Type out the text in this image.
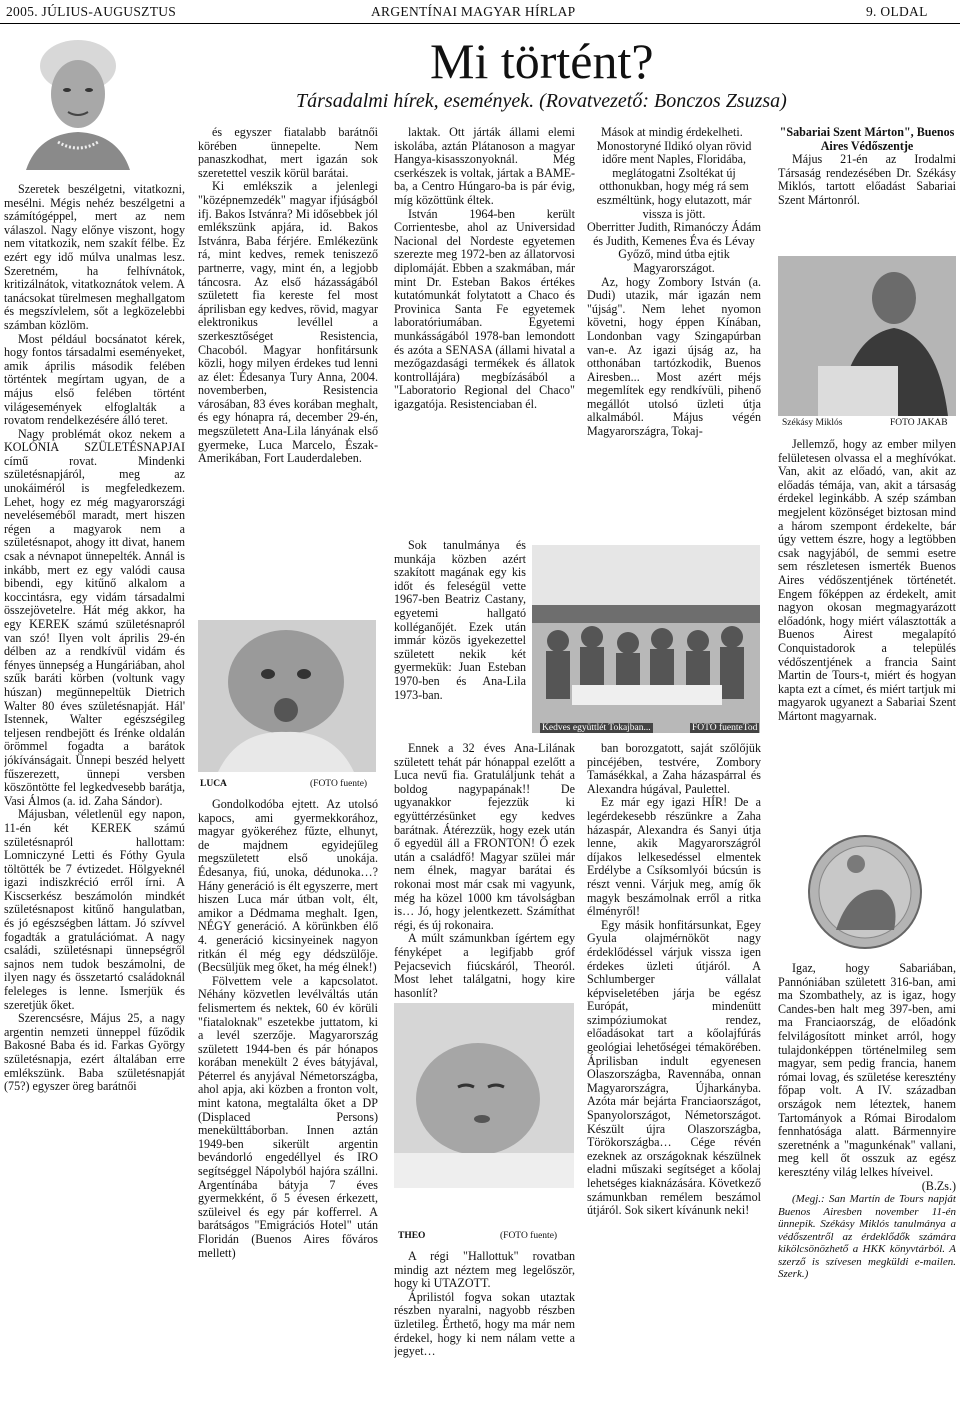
2005. JÚLIUS-AUGUSZTUS	ARGENTÍNAI MAGYAR HÍRLAP	9. OLDAL
Mi történt?
Társadalmi hírek, események. (Rovatvezető: Bonczos Zsuzsa)

Szeretek beszélgetni, vitatkozni, mesélni. Mégis nehéz beszélgetni a számítógéppel, mert az nem válaszol. Nagy előnye viszont, hogy nem vitatkozik, nem szakít félbe. Ez ezért egy idő múlva unalmas lesz. Szeretném, ha felhívnátok, kritizálnátok, vitatkoznátok velem. A tanácsokat türelmesen meghallgatom és megszívlelem, sőt a legközelebbi számban közlöm.

Most például bocsánatot kérek, hogy fontos társadalmi eseményeket, amik április második felében történtek megírtam ugyan, de a május első felében történt világesemények elfoglalták a rovatom rendelkezésére álló teret.

Nagy problémát okoz nekem a KOLÓNIA SZÜLETÉSNAPJAI című rovat. Mindenki születésnapjáról, meg az unokáiméról is megfeledkezem. Lehet, hogy ez még magyarországi neveléseméből maradt, mert hiszen régen a magyarok nem a születésnapot, ahogy itt divat, hanem csak a névnapot ünnepelték. Annál is inkább, mert ez egy valódi causa bibendi, egy kitűnő alkalom a koccintásra, egy vidám társadalmi összejövetelre. Hát még akkor, ha egy KEREK számú születésnapról van szó! Ilyen volt április 29-én délben az a rendkívül vidám és fényes ünnepség a Hungáriában, ahol szűk baráti körben (voltunk vagy húszan) megünnepeltük Dietrich Walter 80 éves születésnapját. Hál' Istennek, Walter egészségileg teljesen rendbejött és Irénke oldalán örömmel fogadta a barátok jókívánságait. Ünnepi beszéd helyett fűszerezett, ünnepi versben köszöntötte fel legkedvesebb barátja, Vasi Álmos (a. id. Zaha Sándor).

Májusban, véletlenül egy napon, 11-én két KEREK számú születésnapról hallottam: Lomniczyné Letti és Fóthy Gyula töltötték be 7 évtizedet. Hölgyeknél igazi indiszkréció erről írni. A Kiscserkész beszámolón mindkét születésnapost kitűnő hangulatban, és jó egészségben láttam. Jó szívvel fogadták a gratulációmat. A nagy családi, születésnapi ünnepségről sajnos nem tudok beszámolni, de ilyen nagy és összetartó családoknál feleleges is lenne. Ismerjük és szeretjük őket.

Szerencsésre, Május 25, a nagy argentin nemzeti ünneppel fűződik Bakosné Baba és id. Farkas György születésnapja, ezért általában erre emlékszünk. Baba születésnapját (75?) egyszer öreg barátnői

és egyszer fiatalabb barátnői körében ünnepelte. Nem panaszkodhat, mert igazán sok szeretettel veszik körül barátai.

Ki emlékszik a jelenlegi "középnemzedék" magyar ifjúságból ifj. Bakos Istvánra? Mi idősebbek jól emlékszünk apjára, id. Bakos Istvánra, Baba férjére. Emlékezünk rá, mint kedves, remek teniszező partnerre, vagy, mint én, a legjobb táncosra. Az első házasságából született fia kereste fel most áprilisban egy kedves, rövid, magyar elektronikus levéllel a szerkesztőséget Resistencia, Chacoból. Magyar honfitársunk közli, hogy milyen érdekes tud lenni az élet: Édesanya Tury Anna, 2004. novemberben, Resistencia városában, 83 éves korában meghalt, és egy hónapra rá, december 29-én, megszületett Ana-Lila lányának első gyermeke, Luca Marcelo, Észak-Amerikában, Fort Lauderdaleben.

LUCA	(FOTO fuente)

Gondolkodóba ejtett. Az utolsó kapocs, ami gyermekkorához, magyar gyökeréhez fűzte, elhunyt, de majdnem egyidejűleg megszületett első unokája. Édesanya, fiú, unoka, dédunoka…? Hány generáció is élt egyszerre, mert hiszen Luca már útban volt, élt, amikor a Dédmama meghalt. Igen, NÉGY generáció. A körünkben élő 4. generáció kicsinyeinek nagyon ritkán él még egy dédszülője. (Becsüljük meg őket, ha még élnek!)

Fölvettem vele a kapcsolatot. Néhány közvetlen levélváltás után felismertem és nektek, 60 év körüli "fiataloknak" eszetekbe juttatom, ki a levél szerzője. Magyarország született 1944-ben és pár hónapos korában menekült 2 éves bátyjával, Péterrel és anyjával Németországba, ahol apja, aki közben a fronton volt, mint katona, megtalálta őket a DP (Displaced Persons) menekülttáborban. Innen aztán 1949-ben sikerült argentin bevándorló engedéllyel és IRO segítséggel Nápolyból hajóra szállni. Argentínába bátyja 7 éves gyermekként, ő 5 évesen érkezett, szüleivel és egy pár kofferrel. A barátságos "Emigrációs Hotel" után Floridán (Buenos Aires főváros mellett)

laktak. Ott járták állami elemi iskolába, aztán Plátanoson a magyar Hangya-kisasszonyoknál. Még cserkészek is voltak, jártak a BAME-ba, a Centro Húngaro-ba is pár évig, míg közöttünk éltek.

István 1964-ben került Corrientesbe, ahol az Universidad Nacional del Nordeste egyetemen szerezte meg 1972-ben az állatorvosi diplomáját. Ebben a szakmában, már mint Dr. Esteban Bakos értékes kutatómunkát folytatott a Chaco és Provinica Santa Fe egyetemek laboratóriumában. Egyetemi munkásságából 1978-ban lemondott és azóta a SENASA (állami hivatal a mezőgazdasági termékek és állatok kontrollájára) megbízásából a "Laboratorio Regional del Chaco" igazgatója. Resistenciaban él.

Sok tanulmánya és munkája közben azért szakított magának egy kis időt és feleségül vette 1967-ben Beatriz Castany, egyetemi hallgató kolléganőjét. Ezek után immár közös igyekezettel született nekik két gyermekük: Juan Esteban 1970-ben és Ana-Lila 1973-ban.

Kedves együttlét Tokajban...	FOTO fuenteTod

Ennek a 32 éves Ana-Lilának született tehát pár hónappal ezelőtt a Luca nevű fia. Gratuláljunk tehát a boldog nagypapának!! De ugyanakkor fejezzük ki együttérzésünket egy kedves barátnak. Átérezzük, hogy ezek után ő egyedül áll a FRONTON! Ő ezek után a családfő! Magyar szülei már nem élnek, magyar barátai és rokonai most már csak mi vagyunk, még ha közel 1000 km távolságban is… Jó, hogy jelentkezett. Számíthat régi, és új rokonaira.

A múlt számunkban ígértem egy fényképet a legifjabb gróf Pejacsevich fiúcskáról, Theoról. Most lehet találgatni, hogy kire hasonlít?

THEO	(FOTO fuente)

A régi "Hallottuk" rovatban mindig azt néztem meg legelőször, hogy ki UTAZOTT.

Áprilistól fogva sokan utaztak részben nyaralni, nagyobb részben üzletileg. Érthető, hogy ma már nem érdekel, hogy ki nem nálam vette a jegyet…

Mások at mindig érdekelheti.

Monostoryné Ildikó olyan rövid időre ment Naples, Floridába, meglátogatni Zsoltékat új otthonukban, hogy még rá sem eszméltünk, hogy elutazott, már vissza is jött.

Oberritter Judith, Rimanóczy Ádám és Judith, Kemenes Éva és Lévay Győző, mind útba ejtik Magyarországot.

Az, hogy Zombory István (a. Dudi) utazik, már igazán nem "újság". Nem lehet nyomon követni, hogy éppen Kínában, Londonban vagy Szingapúrban van-e. Az igazi újság az, ha otthonában tartózkodik, Buenos Airesben... Most azért méjs megemlítek egy rendkívüli, pihenő megállót utolsó üzleti útja alkalmából. Május végén Magyarországra, Tokaj-

ban borozgatott, saját szőlőjük pincéjében, testvére, Zombory Tamásékkal, a Zaha házaspárral és Alexandra húgával, Paulettel.

Ez már egy igazi HÍR! De a legérdekesebb részünkre a Zaha házaspár, Alexandra és Sanyi útja lenne, akik Magyarországról díjakos lelkesedéssel elmentek Erdélybe a Csíksomlyói búcsún is részt venni. Várjuk meg, amíg ők magyk beszámolnak erről a ritka élményről!

Egy másik honfitársunkat, Egey Gyula olajmérnököt nagy érdeklődéssel várjuk vissza igen érdekes üzleti útjáról. A Schlumberger vállalat képviseletében járja be egész Európát, mindenütt szimpóziumokat rendez, előadásokat tart a kőolajfúrás geológiai lehetőségei témakörében. Áprilisban indult egyenesen Olaszországba, Ravennába, onnan Magyarországra, Újharkányba. Azóta már bejárta Franciaországot, Spanyolországot, Németországot. Készült újra Olaszországba, Törökországba… Cége révén ezeknek az országoknak készülnek eladni műszaki segítséget a kőolaj lehetséges kiaknázására. Következő számunkban remélem beszámol útjáról. Sok sikert kívánunk neki!

"Sabariai Szent Márton", Buenos Aires Védőszentje

Május 21-én az Irodalmi Társaság rendezésében Dr. Székásy Miklós, tartott előadást Sabariai Szent Mártonról.

Székásy Miklós	FOTO JAKAB

Jellemző, hogy az ember milyen felületesen olvassa el a meghívókat. Van, akit az előadó, van, akit az előadás témája, van, akit a társaság érdekel leginkább. A szép számban megjelent közönséget biztosan mind a három szempont érdekelte, bár úgy vettem észre, hogy a legtöbben csak nagyjából, de semmi esetre sem részletesen ismerték Buenos Aires védőszentjének történetét. Engem főképpen az érdekelt, amit nagyon okosan megmagyarázott előadónk, hogy miért választották a Buenos Airest megalapító Conquistadorok a település védőszentjének a francia Saint Martin de Tours-t, miért és hogyan kapta ezt a címet, és miért tartjuk mi magyarok ugyanezt a Sabariai Szent Mártont magyarnak.

Igaz, hogy Sabariában, Pannóniában született 316-ban, ami ma Szombathely, az is igaz, hogy Candes-ben halt meg 397-ben, ami ma Franciaország, de előadónk felvilágosított minket arról, hogy tulajdonképpen történelmileg sem magyar, sem pedig francia, hanem római lovag, és születése keresztény főpap volt. A IV. században országok nem léteztek, hanem Tartományok a Római Birodalom fennhatósága alatt. Bármennyire szeretnénk a "magunkénak" vallani, meg kell őt osszuk az egész keresztény világ lelkes híveivel.

(B.Zs.)

(Megj.: San Martín de Tours napját Buenos Airesben november 11-én ünnepik. Székásy Miklós tanulmánya a védőszentről az érdeklődők számára kikölcsönözhető a HKK könyvtárból. A szerző is szívesen megküldi e-mailen. Szerk.)
